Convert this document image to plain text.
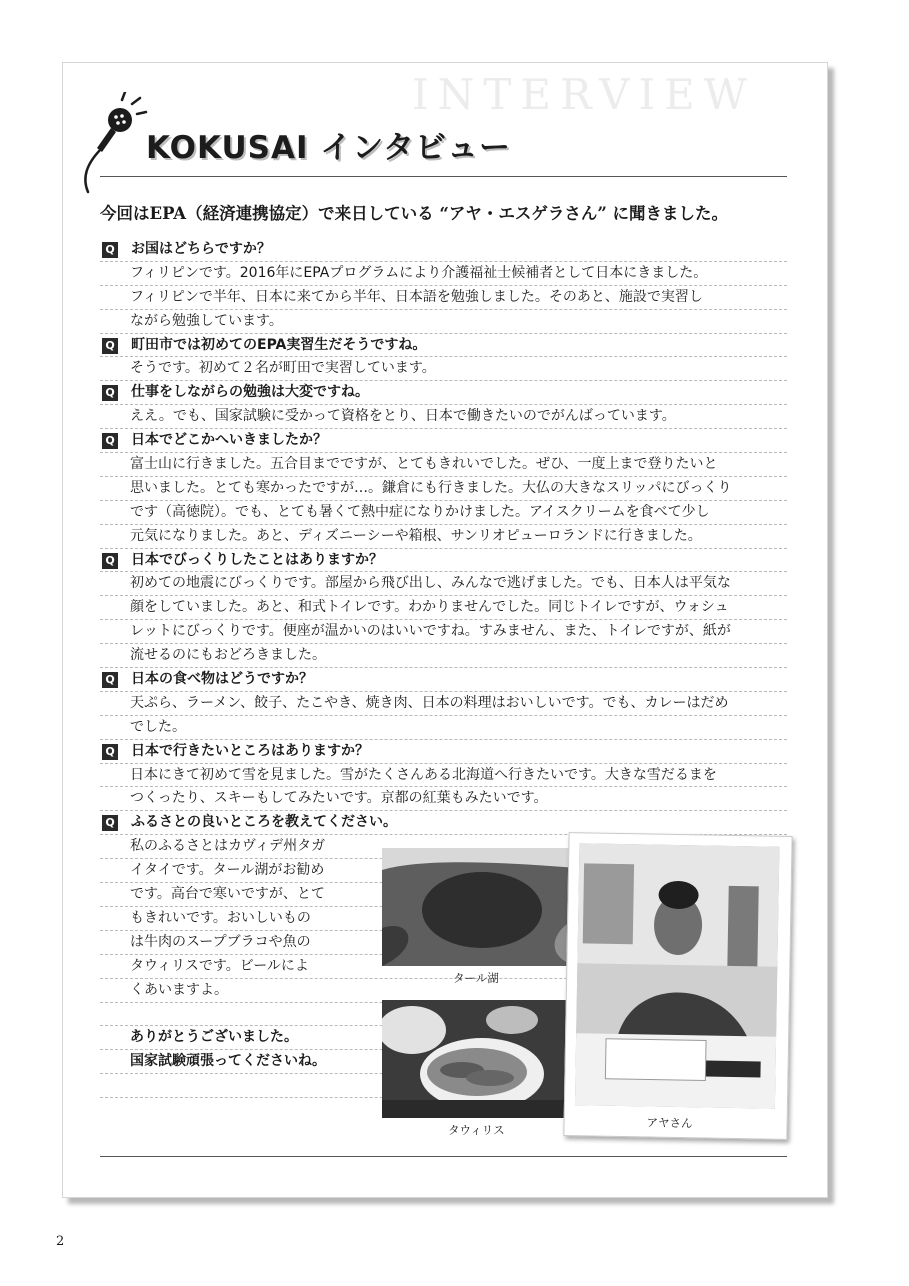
INTERVIEW
KOKUSAI インタビュー
今回はEPA（経済連携協定）で来日している “アヤ・エスゲラさん” に聞きました。
Q お国はどちらですか？
フィリピンです。2016年にEPAプログラムにより介護福祉士候補者として日本にきました。
フィリピンで半年、日本に来てから半年、日本語を勉強しました。そのあと、施設で実習し
ながら勉強しています。
Q 町田市では初めてのEPA実習生だそうですね。
そうです。初めて２名が町田で実習しています。
Q 仕事をしながらの勉強は大変ですね。
ええ。でも、国家試験に受かって資格をとり、日本で働きたいのでがんばっています。
Q 日本でどこかへいきましたか？
富士山に行きました。五合目までですが、とてもきれいでした。ぜひ、一度上まで登りたいと
思いました。とても寒かったですが…。鎌倉にも行きました。大仏の大きなスリッパにびっくり
です（高徳院）。でも、とても暑くて熱中症になりかけました。アイスクリームを食べて少し
元気になりました。あと、ディズニーシーや箱根、サンリオピューロランドに行きました。
Q 日本でびっくりしたことはありますか？
初めての地震にびっくりです。部屋から飛び出し、みんなで逃げました。でも、日本人は平気な
顔をしていました。あと、和式トイレです。わかりませんでした。同じトイレですが、ウォシュ
レットにびっくりです。便座が温かいのはいいですね。すみません、また、トイレですが、紙が
流せるのにもおどろきました。
Q 日本の食べ物はどうですか？
天ぷら、ラーメン、餃子、たこやき、焼き肉、日本の料理はおいしいです。でも、カレーはだめ
でした。
Q 日本で行きたいところはありますか？
日本にきて初めて雪を見ました。雪がたくさんある北海道へ行きたいです。大きな雪だるまを
つくったり、スキーもしてみたいです。京都の紅葉もみたいです。
Q ふるさとの良いところを教えてください。
私のふるさとはカヴィデ州タガ
イタイです。タール湖がお勧め
です。高台で寒いですが、とて
もきれいです。おいしいもの
は牛肉のスープブラコや魚の
タウィリスです。ビールによ
くあいますよ。
ありがとうございました。
国家試験頑張ってくださいね。
タール湖
タウィリス	アヤさん
2
